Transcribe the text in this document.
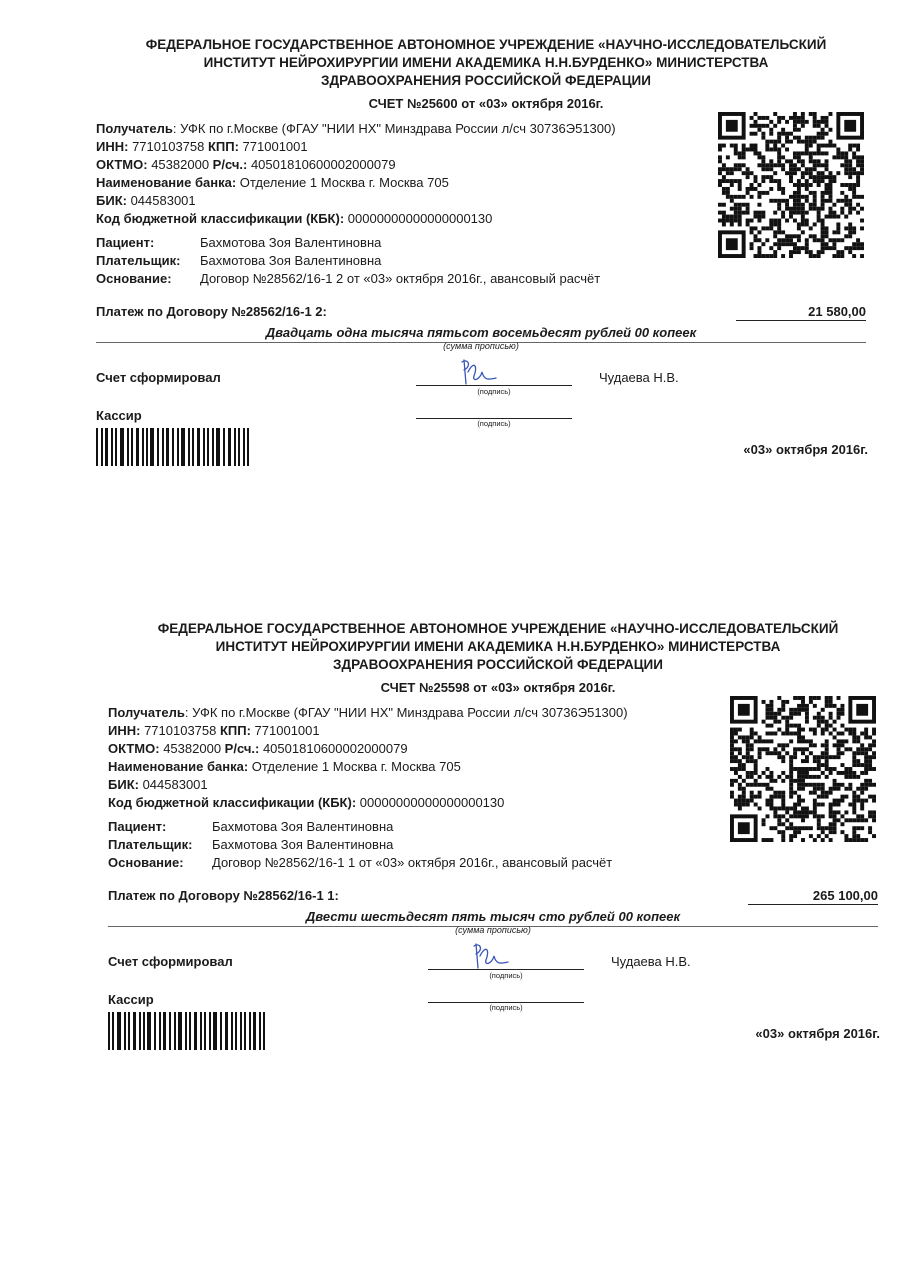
ФЕДЕРАЛЬНОЕ ГОСУДАРСТВЕННОЕ АВТОНОМНОЕ УЧРЕЖДЕНИЕ «НАУЧНО-ИССЛЕДОВАТЕЛЬСКИЙ
ИНСТИТУТ НЕЙРОХИРУРГИИ ИМЕНИ АКАДЕМИКА Н.Н.БУРДЕНКО» МИНИСТЕРСТВА
ЗДРАВООХРАНЕНИЯ РОССИЙСКОЙ ФЕДЕРАЦИИ
СЧЕТ №25600 от «03» октября 2016г.
Получатель: УФК по г.Москве (ФГАУ "НИИ НХ" Минздрава России л/сч 30736Э51300)
ИНН: 7710103758 КПП: 771001001
ОКТМО: 45382000 Р/сч.: 40501810600002000079
Наименование банка: Отделение 1 Москва г. Москва 705
БИК: 044583001
Код бюджетной классификации (КБК): 00000000000000000130
Пациент:	Бахмотова Зоя Валентиновна
Плательщик: Бахмотова Зоя Валентиновна
Основание: Договор №28562/16-1 2 от «03» октября 2016г., авансовый расчёт
Платеж по Договору №28562/16-1 2:	21 580,00
Двадцать одна тысяча пятьсот восемьдесят рублей 00 копеек
(сумма прописью)
Счет сформировал
(подпись)
Чудаева Н.В.
Кассир
(подпись)
«03» октября 2016г.
ФЕДЕРАЛЬНОЕ ГОСУДАРСТВЕННОЕ АВТОНОМНОЕ УЧРЕЖДЕНИЕ «НАУЧНО-ИССЛЕДОВАТЕЛЬСКИЙ
ИНСТИТУТ НЕЙРОХИРУРГИИ ИМЕНИ АКАДЕМИКА Н.Н.БУРДЕНКО» МИНИСТЕРСТВА
ЗДРАВООХРАНЕНИЯ РОССИЙСКОЙ ФЕДЕРАЦИИ
СЧЕТ №25598 от «03» октября 2016г.
Получатель: УФК по г.Москве (ФГАУ "НИИ НХ" Минздрава России л/сч 30736Э51300)
ИНН: 7710103758 КПП: 771001001
ОКТМО: 45382000 Р/сч.: 40501810600002000079
Наименование банка: Отделение 1 Москва г. Москва 705
БИК: 044583001
Код бюджетной классификации (КБК): 00000000000000000130
Пациент:	Бахмотова Зоя Валентиновна
Плательщик: Бахмотова Зоя Валентиновна
Основание: Договор №28562/16-1 1 от «03» октября 2016г., авансовый расчёт
Платеж по Договору №28562/16-1 1:	265 100,00
Двести шестьдесят пять тысяч сто рублей 00 копеек
(сумма прописью)
Счет сформировал
(подпись)
Чудаева Н.В.
Кассир
(подпись)
«03» октября 2016г.
